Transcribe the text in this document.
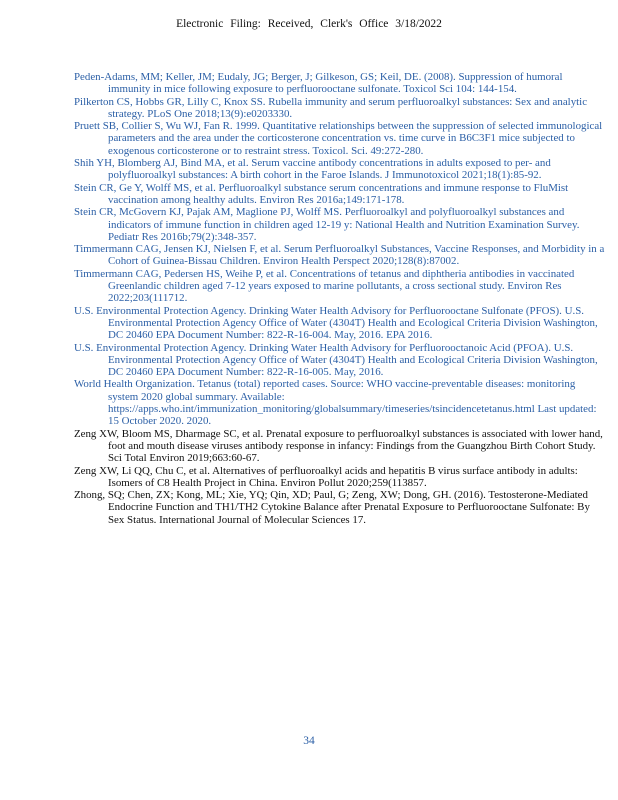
Electronic Filing: Received, Clerk's Office 3/18/2022

Peden-Adams, MM; Keller, JM; Eudaly, JG; Berger, J; Gilkeson, GS; Keil, DE. (2008). Suppression of humoral immunity in mice following exposure to perfluorooctane sulfonate. Toxicol Sci 104: 144-154.

Pilkerton CS, Hobbs GR, Lilly C, Knox SS. Rubella immunity and serum perfluoroalkyl substances: Sex and analytic strategy. PLoS One 2018;13(9):e0203330.

Pruett SB, Collier S, Wu WJ, Fan R. 1999. Quantitative relationships between the suppression of selected immunological parameters and the area under the corticosterone concentration vs. time curve in B6C3F1 mice subjected to exogenous corticosterone or to restraint stress. Toxicol. Sci. 49:272-280.

Shih YH, Blomberg AJ, Bind MA, et al. Serum vaccine antibody concentrations in adults exposed to per- and polyfluoroalkyl substances: A birth cohort in the Faroe Islands. J Immunotoxicol 2021;18(1):85-92.

Stein CR, Ge Y, Wolff MS, et al. Perfluoroalkyl substance serum concentrations and immune response to FluMist vaccination among healthy adults. Environ Res 2016a;149:171-178.

Stein CR, McGovern KJ, Pajak AM, Maglione PJ, Wolff MS. Perfluoroalkyl and polyfluoroalkyl substances and indicators of immune function in children aged 12-19 y: National Health and Nutrition Examination Survey. Pediatr Res 2016b;79(2):348-357.

Timmermann CAG, Jensen KJ, Nielsen F, et al. Serum Perfluoroalkyl Substances, Vaccine Responses, and Morbidity in a Cohort of Guinea-Bissau Children. Environ Health Perspect 2020;128(8):87002.

Timmermann CAG, Pedersen HS, Weihe P, et al. Concentrations of tetanus and diphtheria antibodies in vaccinated Greenlandic children aged 7-12 years exposed to marine pollutants, a cross sectional study. Environ Res 2022;203(111712.

U.S. Environmental Protection Agency. Drinking Water Health Advisory for Perfluorooctane Sulfonate (PFOS). U.S. Environmental Protection Agency Office of Water (4304T) Health and Ecological Criteria Division Washington, DC 20460 EPA Document Number: 822-R-16-004. May, 2016. EPA 2016.

U.S. Environmental Protection Agency. Drinking Water Health Advisory for Perfluorooctanoic Acid (PFOA). U.S. Environmental Protection Agency Office of Water (4304T) Health and Ecological Criteria Division Washington, DC 20460 EPA Document Number: 822-R-16-005. May, 2016.

World Health Organization. Tetanus (total) reported cases. Source: WHO vaccine-preventable diseases: monitoring system 2020 global summary. Available: https://apps.who.int/immunization_monitoring/globalsummary/timeseries/tsincidencetetanus.html Last updated: 15 October 2020. 2020.

Zeng XW, Bloom MS, Dharmage SC, et al. Prenatal exposure to perfluoroalkyl substances is associated with lower hand, foot and mouth disease viruses antibody response in infancy: Findings from the Guangzhou Birth Cohort Study. Sci Total Environ 2019;663:60-67.

Zeng XW, Li QQ, Chu C, et al. Alternatives of perfluoroalkyl acids and hepatitis B virus surface antibody in adults: Isomers of C8 Health Project in China. Environ Pollut 2020;259(113857.

Zhong, SQ; Chen, ZX; Kong, ML; Xie, YQ; Qin, XD; Paul, G; Zeng, XW; Dong, GH. (2016). Testosterone-Mediated Endocrine Function and TH1/TH2 Cytokine Balance after Prenatal Exposure to Perfluorooctane Sulfonate: By Sex Status. International Journal of Molecular Sciences 17.

34
